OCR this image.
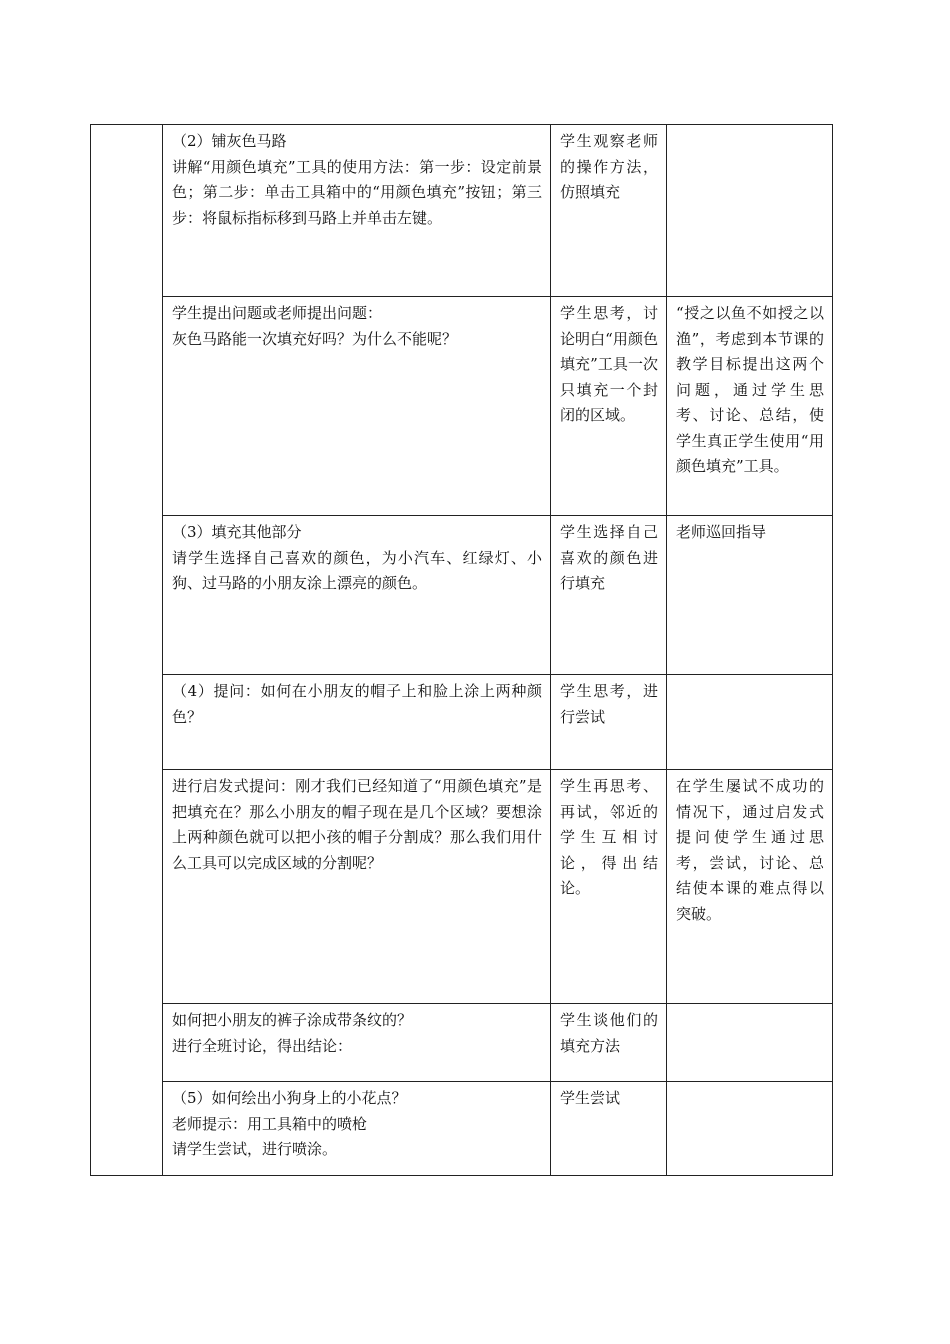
	（2）铺灰色马路
讲解“用颜色填充”工具的使用方法：第一步：设定前景色；第二步：单击工具箱中的“用颜色填充”按钮；第三步：将鼠标指标移到马路上并单击左键。	学生观察老师的操作方法，仿照填充	

	学生提出问题或老师提出问题：
灰色马路能一次填充好吗？为什么不能呢？	学生思考，讨论明白“用颜色填充”工具一次只填充一个封闭的区域。	“授之以鱼不如授之以渔”，考虑到本节课的教学目标提出这两个问题，通过学生思考、讨论、总结，使学生真正学生使用“用颜色填充”工具。

	（3）填充其他部分
请学生选择自己喜欢的颜色，为小汽车、红绿灯、小狗、过马路的小朋友涂上漂亮的颜色。	学生选择自己喜欢的颜色进行填充	老师巡回指导

	（4）提问：如何在小朋友的帽子上和脸上涂上两种颜色？	学生思考，进行尝试	

	进行启发式提问：刚才我们已经知道了“用颜色填充”是把填充在？那么小朋友的帽子现在是几个区域？要想涂上两种颜色就可以把小孩的帽子分割成？那么我们用什么工具可以完成区域的分割呢？	学生再思考、再试，邻近的学生互相讨论，得出结论。	在学生屡试不成功的情况下，通过启发式提问使学生通过思考，尝试，讨论、总结使本课的难点得以突破。

	如何把小朋友的裤子涂成带条纹的？
进行全班讨论，得出结论：	学生谈他们的填充方法	

	（5）如何绘出小狗身上的小花点？
老师提示：用工具箱中的喷枪
请学生尝试，进行喷涂。	学生尝试	
